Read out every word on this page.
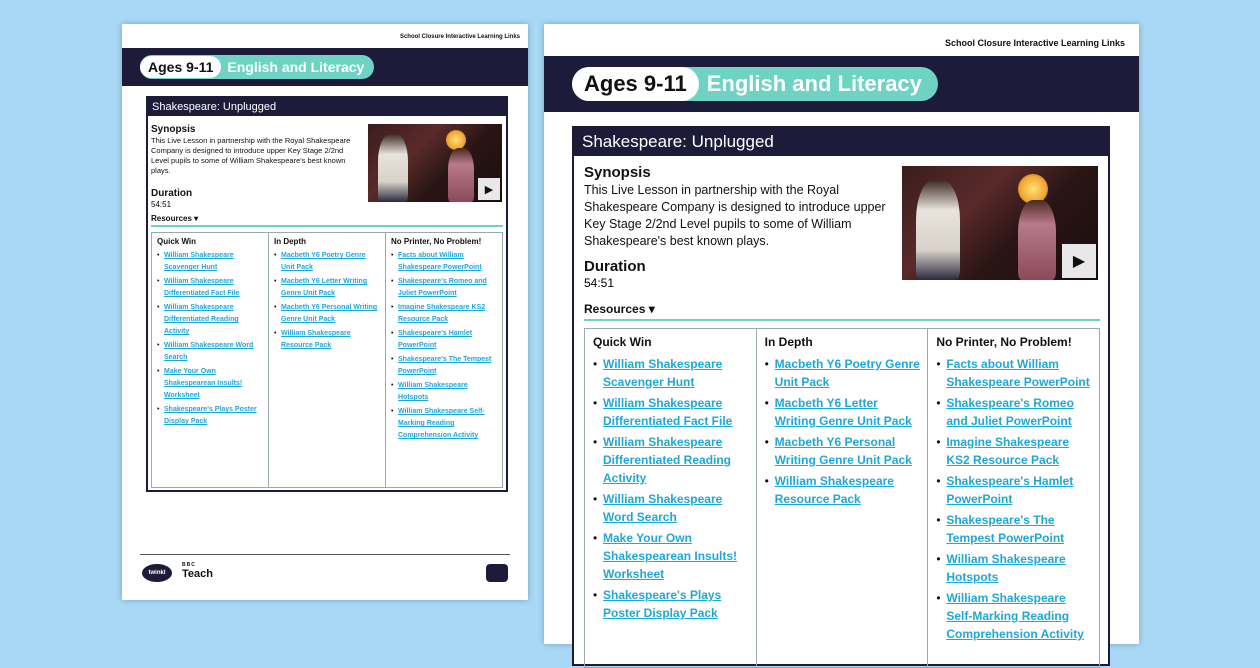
School Closure Interactive Learning Links
Ages 9-11	English and Literacy
Shakespeare: Unplugged
Synopsis
This Live Lesson in partnership with the Royal Shakespeare Company is designed to introduce upper Key Stage 2/2nd Level pupils to some of William Shakespeare's best known plays.
Duration
54:51
▶
Resources ▾
Quick Win
• William Shakespeare Scavenger Hunt
• William Shakespeare Differentiated Fact File
• William Shakespeare Differentiated Reading Activity
• William Shakespeare Word Search
• Make Your Own Shakespearean Insults! Worksheet
• Shakespeare's Plays Poster Display Pack
In Depth
• Macbeth Y6 Poetry Genre Unit Pack
• Macbeth Y6 Letter Writing Genre Unit Pack
• Macbeth Y6 Personal Writing Genre Unit Pack
• William Shakespeare Resource Pack
No Printer, No Problem!
• Facts about William Shakespeare PowerPoint
• Shakespeare's Romeo and Juliet PowerPoint
• Imagine Shakespeare KS2 Resource Pack
• Shakespeare's Hamlet PowerPoint
• Shakespeare's The Tempest PowerPoint
• William Shakespeare Hotspots
• William Shakespeare Self-Marking Reading Comprehension Activity
twinkl
BBC
Teach
School Closure Interactive Learning Links
Ages 9-11 English and Literacy
Shakespeare: Unplugged
Synopsis
This Live Lesson in partnership with the Royal Shakespeare Company is designed to introduce upper Key Stage 2/2nd Level pupils to some of William Shakespeare's best known plays.
Duration
54:51
▶
Resources ▾
Quick Win
• William Shakespeare Scavenger Hunt
• William Shakespeare Differentiated Fact File
• William Shakespeare Differentiated Reading Activity
• William Shakespeare Word Search
• Make Your Own Shakespearean Insults! Worksheet
• Shakespeare's Plays Poster Display Pack
In Depth
• Macbeth Y6 Poetry Genre Unit Pack
• Macbeth Y6 Letter Writing Genre Unit Pack
• Macbeth Y6 Personal Writing Genre Unit Pack
• William Shakespeare Resource Pack
No Printer, No Problem!
• Facts about William Shakespeare PowerPoint
• Shakespeare's Romeo and Juliet PowerPoint
• Imagine Shakespeare KS2 Resource Pack
• Shakespeare's Hamlet PowerPoint
• Shakespeare's The Tempest PowerPoint
• William Shakespeare Hotspots
• William Shakespeare Self-Marking Reading Comprehension Activity
